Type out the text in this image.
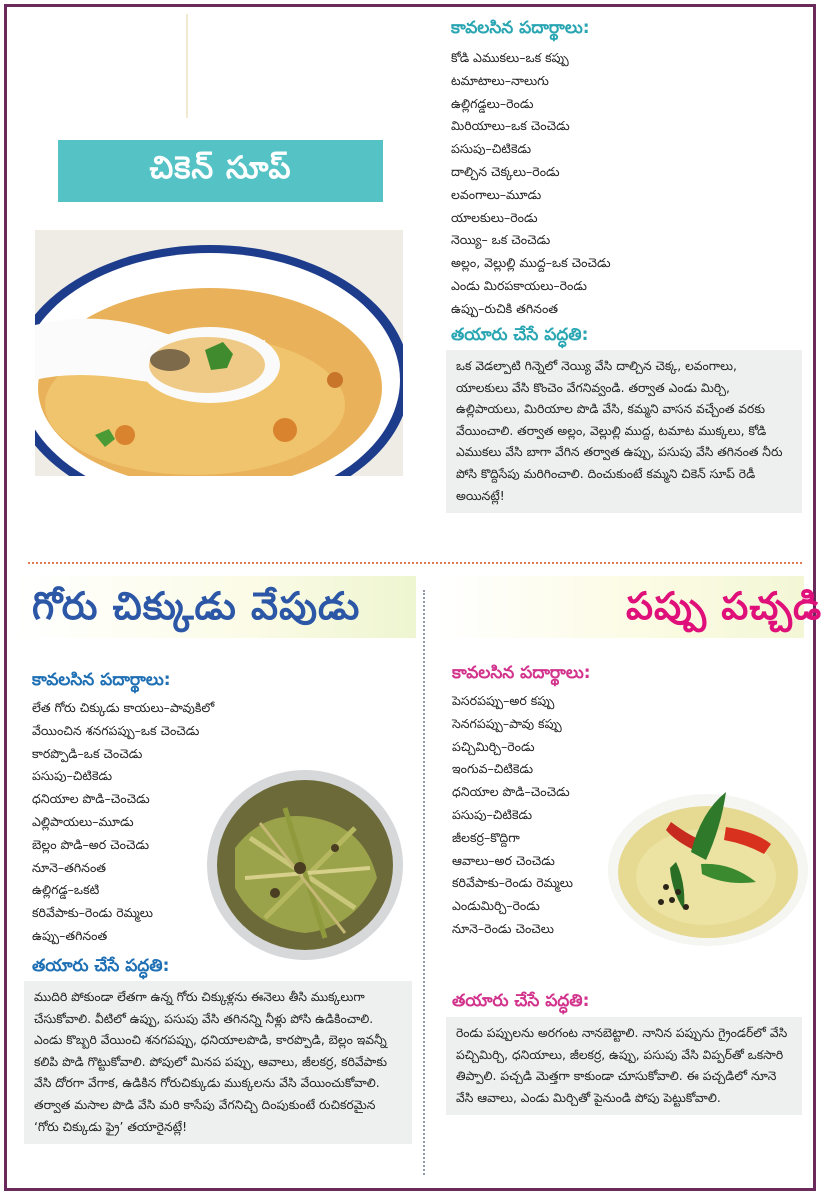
చికెన్ సూప్
కావలసిన పదార్థాలు:
కోడి ఎముకలు–ఒక కప్పు
టమాటాలు–నాలుగు
ఉల్లిగడ్డలు–రెండు
మిరియాలు–ఒక చెంచెడు
పసుపు–చిటికెడు
దాల్చిన చెక్కలు–రెండు
లవంగాలు–మూడు
యాలకులు–రెండు
నెయ్యి– ఒక చెంచెడు
అల్లం, వెల్లుల్లి ముద్ద–ఒక చెంచెడు
ఎండు మిరపకాయలు–రెండు
ఉప్పు–రుచికి తగినంత
తయారు చేసే పద్ధతి:

ఒక వెడల్పాటి గిన్నెలో నెయ్యి వేసి దాల్చిన చెక్క, లవంగాలు, యాలకులు వేసి కొంచెం వేగనివ్వండి. తర్వాత ఎండు మిర్చి, ఉల్లిపాయలు, మిరియాల పొడి వేసి, కమ్మని వాసన వచ్చేంత వరకు వేయించాలి. తర్వాత అల్లం, వెల్లుల్లి ముద్ద, టమాట ముక్కలు, కోడి ఎముకలు వేసి బాగా వేగిన తర్వాత ఉప్పు, పసుపు వేసి తగినంత నీరు పోసి కొద్దిసేపు మరిగించాలి. దించుకుంటే కమ్మని చికెన్ సూప్ రెడీ అయినట్లే!

గోరు చిక్కుడు వేపుడు
కావలసిన పదార్థాలు:
లేత గోరు చిక్కుడు కాయలు–పావుకిలో
వేయించిన శనగపప్పు–ఒక చెంచెడు
కారప్పొడి–ఒక చెంచెడు
పసుపు–చిటికెడు
ధనియాల పొడి–చెంచెడు
ఎల్లిపాయలు–మూడు
బెల్లం పొడి–అర చెంచెడు
నూనె–తగినంత
ఉల్లిగడ్డ–ఒకటి
కరివేపాకు–రెండు రెమ్మలు
ఉప్పు–తగినంత
తయారు చేసే పద్ధతి:

ముదిరి పోకుండా లేతగా ఉన్న గోరు చిక్కుళ్లను ఈనెలు తీసి ముక్కలుగా చేసుకోవాలి. వీటిలో ఉప్పు, పసుపు వేసి తగినన్ని నీళ్లు పోసి ఉడికించాలి. ఎండు కొబ్బరి వేయించి శనగపప్పు, ధనియాలపొడి, కారప్పొడి, బెల్లం ఇవన్నీ కలిపి పొడి గొట్టుకోవాలి. పోపులో మినప పప్పు, ఆవాలు, జీలకర్ర, కరివేపాకు వేసి దోరగా వేగాక, ఉడికిన గోరుచిక్కుడు ముక్కలను వేసి వేయించుకోవాలి. తర్వాత మసాల పొడి వేసి మరి కాసేపు వేగనిచ్చి దింపుకుంటే రుచికరమైన ‘గోరు చిక్కుడు ఫ్రై’ తయారైనట్లే!

పప్పు పచ్చడి
కావలసిన పదార్థాలు:
పెసరపప్పు–అర కప్పు
సెనగపప్పు–పావు కప్పు
పచ్చిమిర్చి–రెండు
ఇంగువ–చిటికెడు
ధనియాల పొడి–చెంచెడు
పసుపు–చిటికెడు
జీలకర్ర–కొద్దిగా
ఆవాలు–అర చెంచెడు
కరివేపాకు–రెండు రెమ్మలు
ఎండుమిర్చి–రెండు
నూనె–రెండు చెంచెలు
తయారు చేసే పద్ధతి:

రెండు పప్పులను అరగంట నానబెట్టాలి. నానిన పప్పును గ్రైండర్‌లో వేసి పచ్చిమిర్చి, ధనియాలు, జీలకర్ర, ఉప్పు, పసుపు వేసి విప్పర్‌తో ఒకసారి తిప్పాలి. పచ్చడి మెత్తగా కాకుండా చూసుకోవాలి. ఈ పచ్చడిలో నూనె వేసి ఆవాలు, ఎండు మిర్చితో పైనుండి పోపు పెట్టుకోవాలి.
